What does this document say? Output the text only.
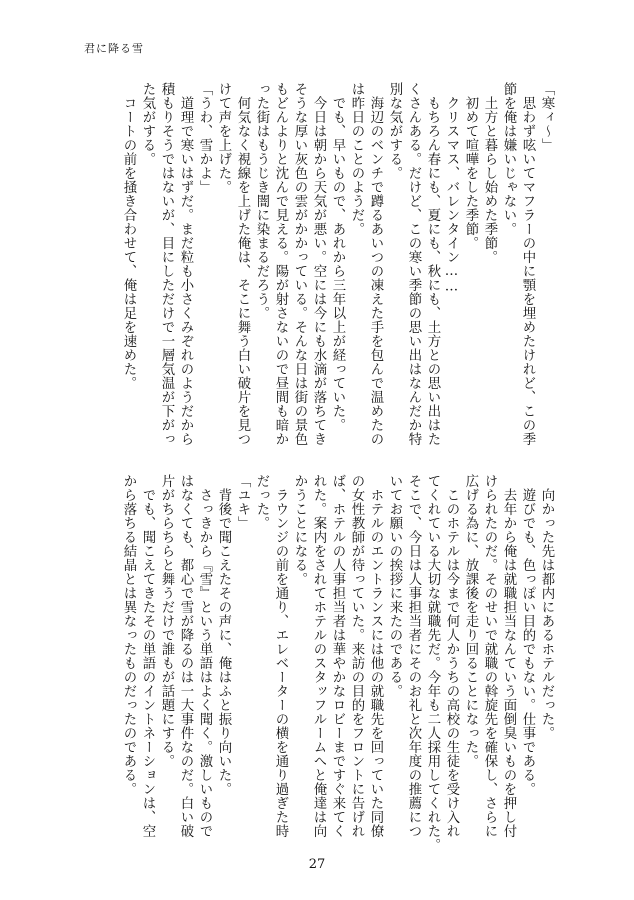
君に降る雪

「寒ィ〜」

　思わず呟いてマフラーの中に顎を埋めたけれど、この季

節を俺は嫌いじゃない。

　土方と暮らし始めた季節。

　初めて喧嘩をした季節。

　クリスマス、バレンタイン……

　もちろん春にも、夏にも、秋にも、土方との思い出はた

くさんある。だけど、この寒い季節の思い出はなんだか特

別な気がする。

　海辺のベンチで蹲るあいつの凍えた手を包んで温めたの

は昨日のことのようだ。

　でも、早いもので、あれから三年以上が経っていた。

　今日は朝から天気が悪い。空には今にも水滴が落ちてき

そうな厚い灰色の雲がかかっている。そんな日は街の景色

もどんよりと沈んで見える。陽が射さないので昼間も暗か

った街はもうじき闇に染まるだろう。

　何気なく視線を上げた俺は、そこに舞う白い破片を見つ

けて声を上げた。

「うわ、雪かよ」

　道理で寒いはずだ。まだ粒も小さくみぞれのようだから

積もりそうではないが、目にしただけで一層気温が下がっ

た気がする。

　コートの前を掻き合わせて、俺は足を速めた。

　向かった先は都内にあるホテルだった。

　遊びでも、色っぽい目的でもない。仕事である。

　去年から俺は就職担当なんていう面倒臭いものを押し付

けられたのだ。そのせいで就職の斡旋先を確保し、さらに

広げる為に、放課後を走り回ることになった。

　このホテルは今まで何人かうちの高校の生徒を受け入れ

てくれている大切な就職先だ。今年も二人採用してくれた。

そこで、今日は人事担当者にそのお礼と次年度の推薦につ

いてお願いの挨拶に来たのである。

　ホテルのエントランスには他の就職先を回っていた同僚

の女性教師が待っていた。来訪の目的をフロントに告げれ

ば、ホテルの人事担当者は華やかなロビーまですぐ来てく

れた。案内をされてホテルのスタッフルームへと俺達は向

かうことになる。

　ラウンジの前を通り、エレベーターの横を通り過ぎた時

だった。

「ユキ」

　背後で聞こえたその声に、俺はふと振り向いた。

　さっきから『雪』という単語はよく聞く。激しいもので

はなくても、都心で雪が降るのは一大事件なのだ。白い破

片がちらちらと舞うだけで誰もが話題にする。

　でも、聞こえてきたその単語のイントネーションは、空

から落ちる結晶とは異なったものだったのである。

27
